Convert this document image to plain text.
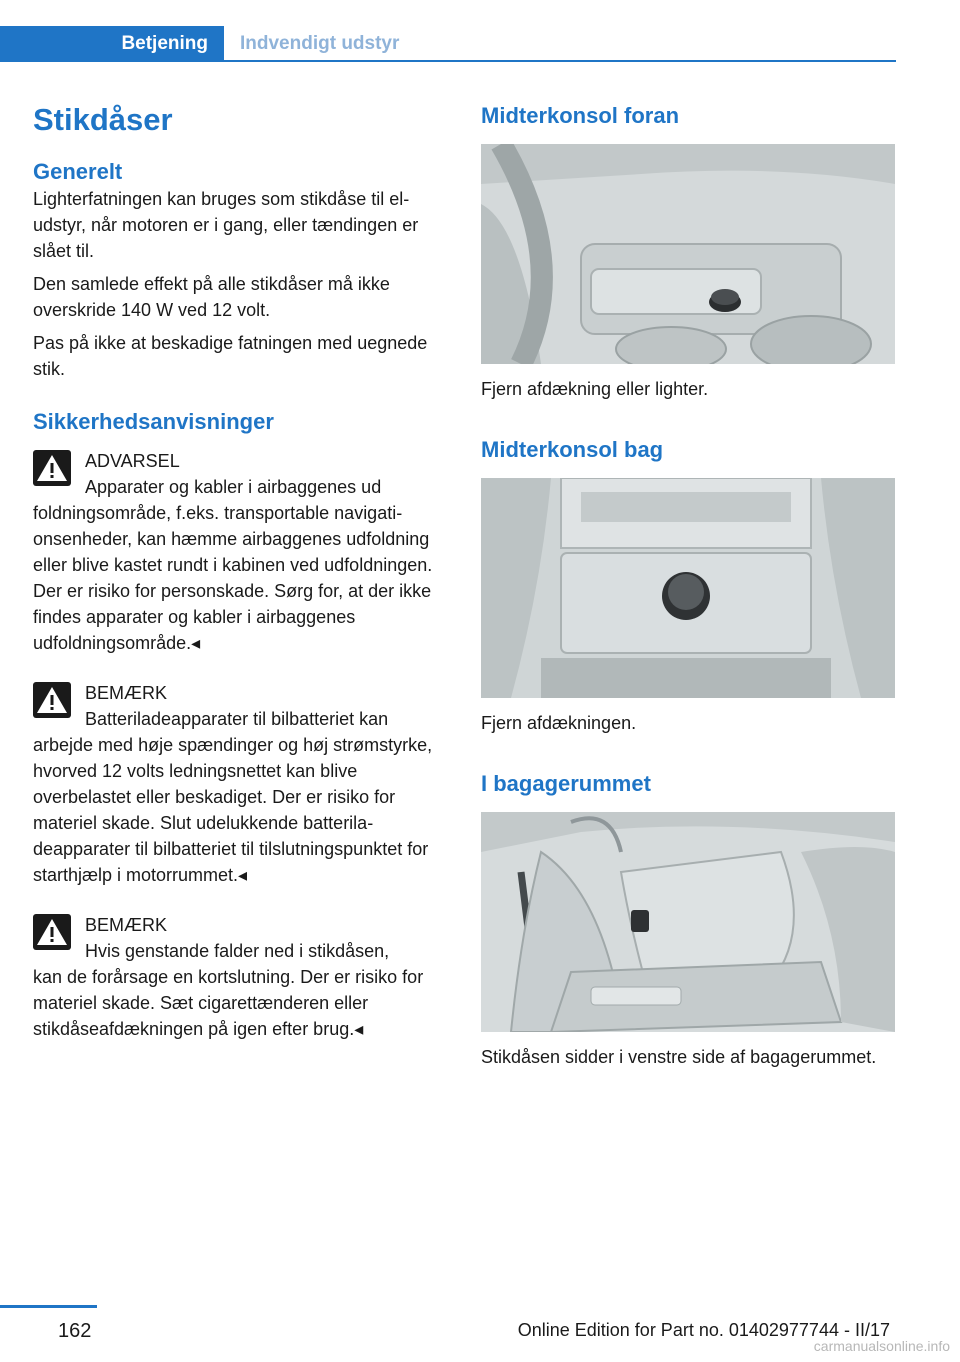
Betjening Indvendigt udstyr
Stikdåser
Generelt

Lighterfatningen kan bruges som stikdåse til el-udstyr, når motoren er i gang, eller tændingen er slået til.

Den samlede effekt på alle stikdåser må ikke overskride 140 W ved 12 volt.

Pas på ikke at beskadige fatningen med uegnede stik.

Sikkerhedsanvisninger
ADVARSEL
Apparater og kabler i airbaggenes ud

foldningsområde, f.eks. transportable navigationsenheder, kan hæmme airbaggenes udfoldning eller blive kastet rundt i kabinen ved udfoldningen. Der er risiko for personskade. Sørg for, at der ikke findes apparater og kabler i airbaggenes udfoldningsområde.◂

BEMÆRK
Batteriladeapparater til bilbatteriet kan

arbejde med høje spændinger og høj strømstyrke, hvorved 12 volts ledningsnettet kan blive overbelastet eller beskadiget. Der er risiko for materiel skade. Slut udelukkende batteriladeapparater til bilbatteriet til tilslutningspunktet for starthjælp i motorrummet.◂

BEMÆRK
Hvis genstande falder ned i stikdåsen,

kan de forårsage en kortslutning. Der er risiko for materiel skade. Sæt cigarettænderen eller stikdåseafdækningen på igen efter brug.◂

Midterkonsol foran
Fjern afdækning eller lighter.
Midterkonsol bag
Fjern afdækningen.
I bagagerummet
Stikdåsen sidder i venstre side af bagagerummet.
162	Online Edition for Part no. 01402977744 - II/17
carmanualsonline.info
